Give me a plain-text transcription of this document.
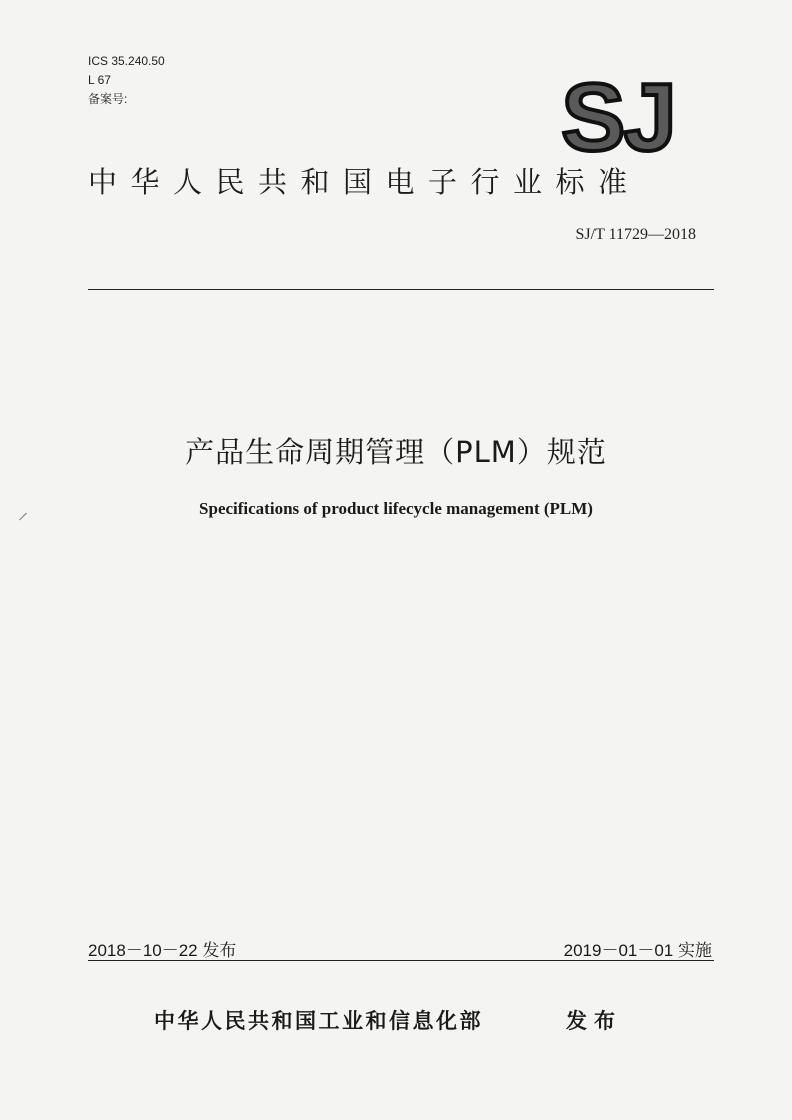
ICS 35.240.50
L 67
备案号:	SJ
中华人民共和国电子行业标准
SJ/T 11729—2018
产品生命周期管理（PLM）规范
Specifications of product lifecycle management (PLM)
2018－10－22 发布	2019－01－01 实施
中华人民共和国工业和信息化部	发布
